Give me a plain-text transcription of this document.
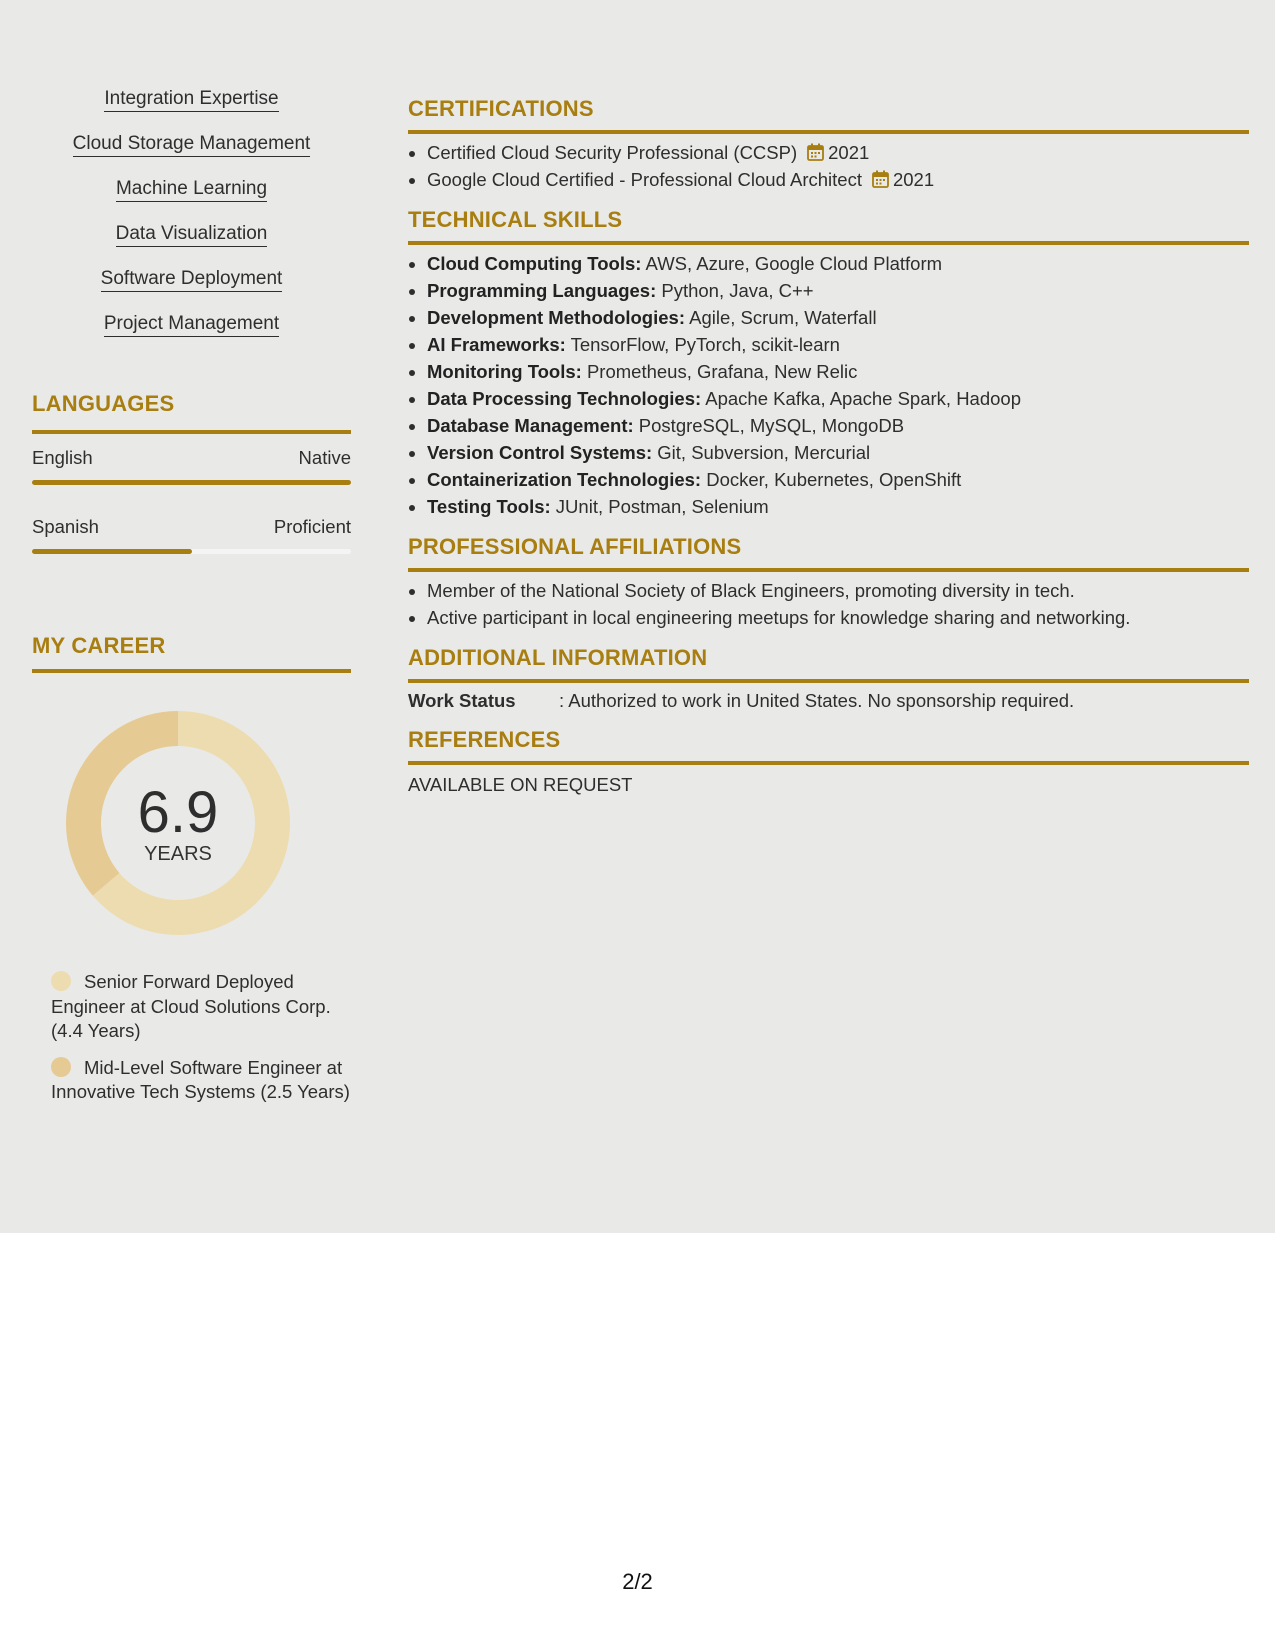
Integration Expertise
Cloud Storage Management
Machine Learning
Data Visualization
Software Deployment
Project Management
LANGUAGES
English	Native
Spanish	Proficient
MY CAREER
6.9
YEARS
Senior Forward Deployed Engineer at Cloud Solutions Corp. (4.4 Years)
Mid-Level Software Engineer at Innovative Tech Systems (2.5 Years)
CERTIFICATIONS
• Certified Cloud Security Professional (CCSP) 2021
• Google Cloud Certified - Professional Cloud Architect 2021
TECHNICAL SKILLS
• Cloud Computing Tools: AWS, Azure, Google Cloud Platform
• Programming Languages: Python, Java, C++
• Development Methodologies: Agile, Scrum, Waterfall
• AI Frameworks: TensorFlow, PyTorch, scikit-learn
• Monitoring Tools: Prometheus, Grafana, New Relic
• Data Processing Technologies: Apache Kafka, Apache Spark, Hadoop
• Database Management: PostgreSQL, MySQL, MongoDB
• Version Control Systems: Git, Subversion, Mercurial
• Containerization Technologies: Docker, Kubernetes, OpenShift
• Testing Tools: JUnit, Postman, Selenium
PROFESSIONAL AFFILIATIONS
• Member of the National Society of Black Engineers, promoting diversity in tech.
• Active participant in local engineering meetups for knowledge sharing and networking.
ADDITIONAL INFORMATION
Work Status	: Authorized to work in United States. No sponsorship required.
REFERENCES
AVAILABLE ON REQUEST
2/2
